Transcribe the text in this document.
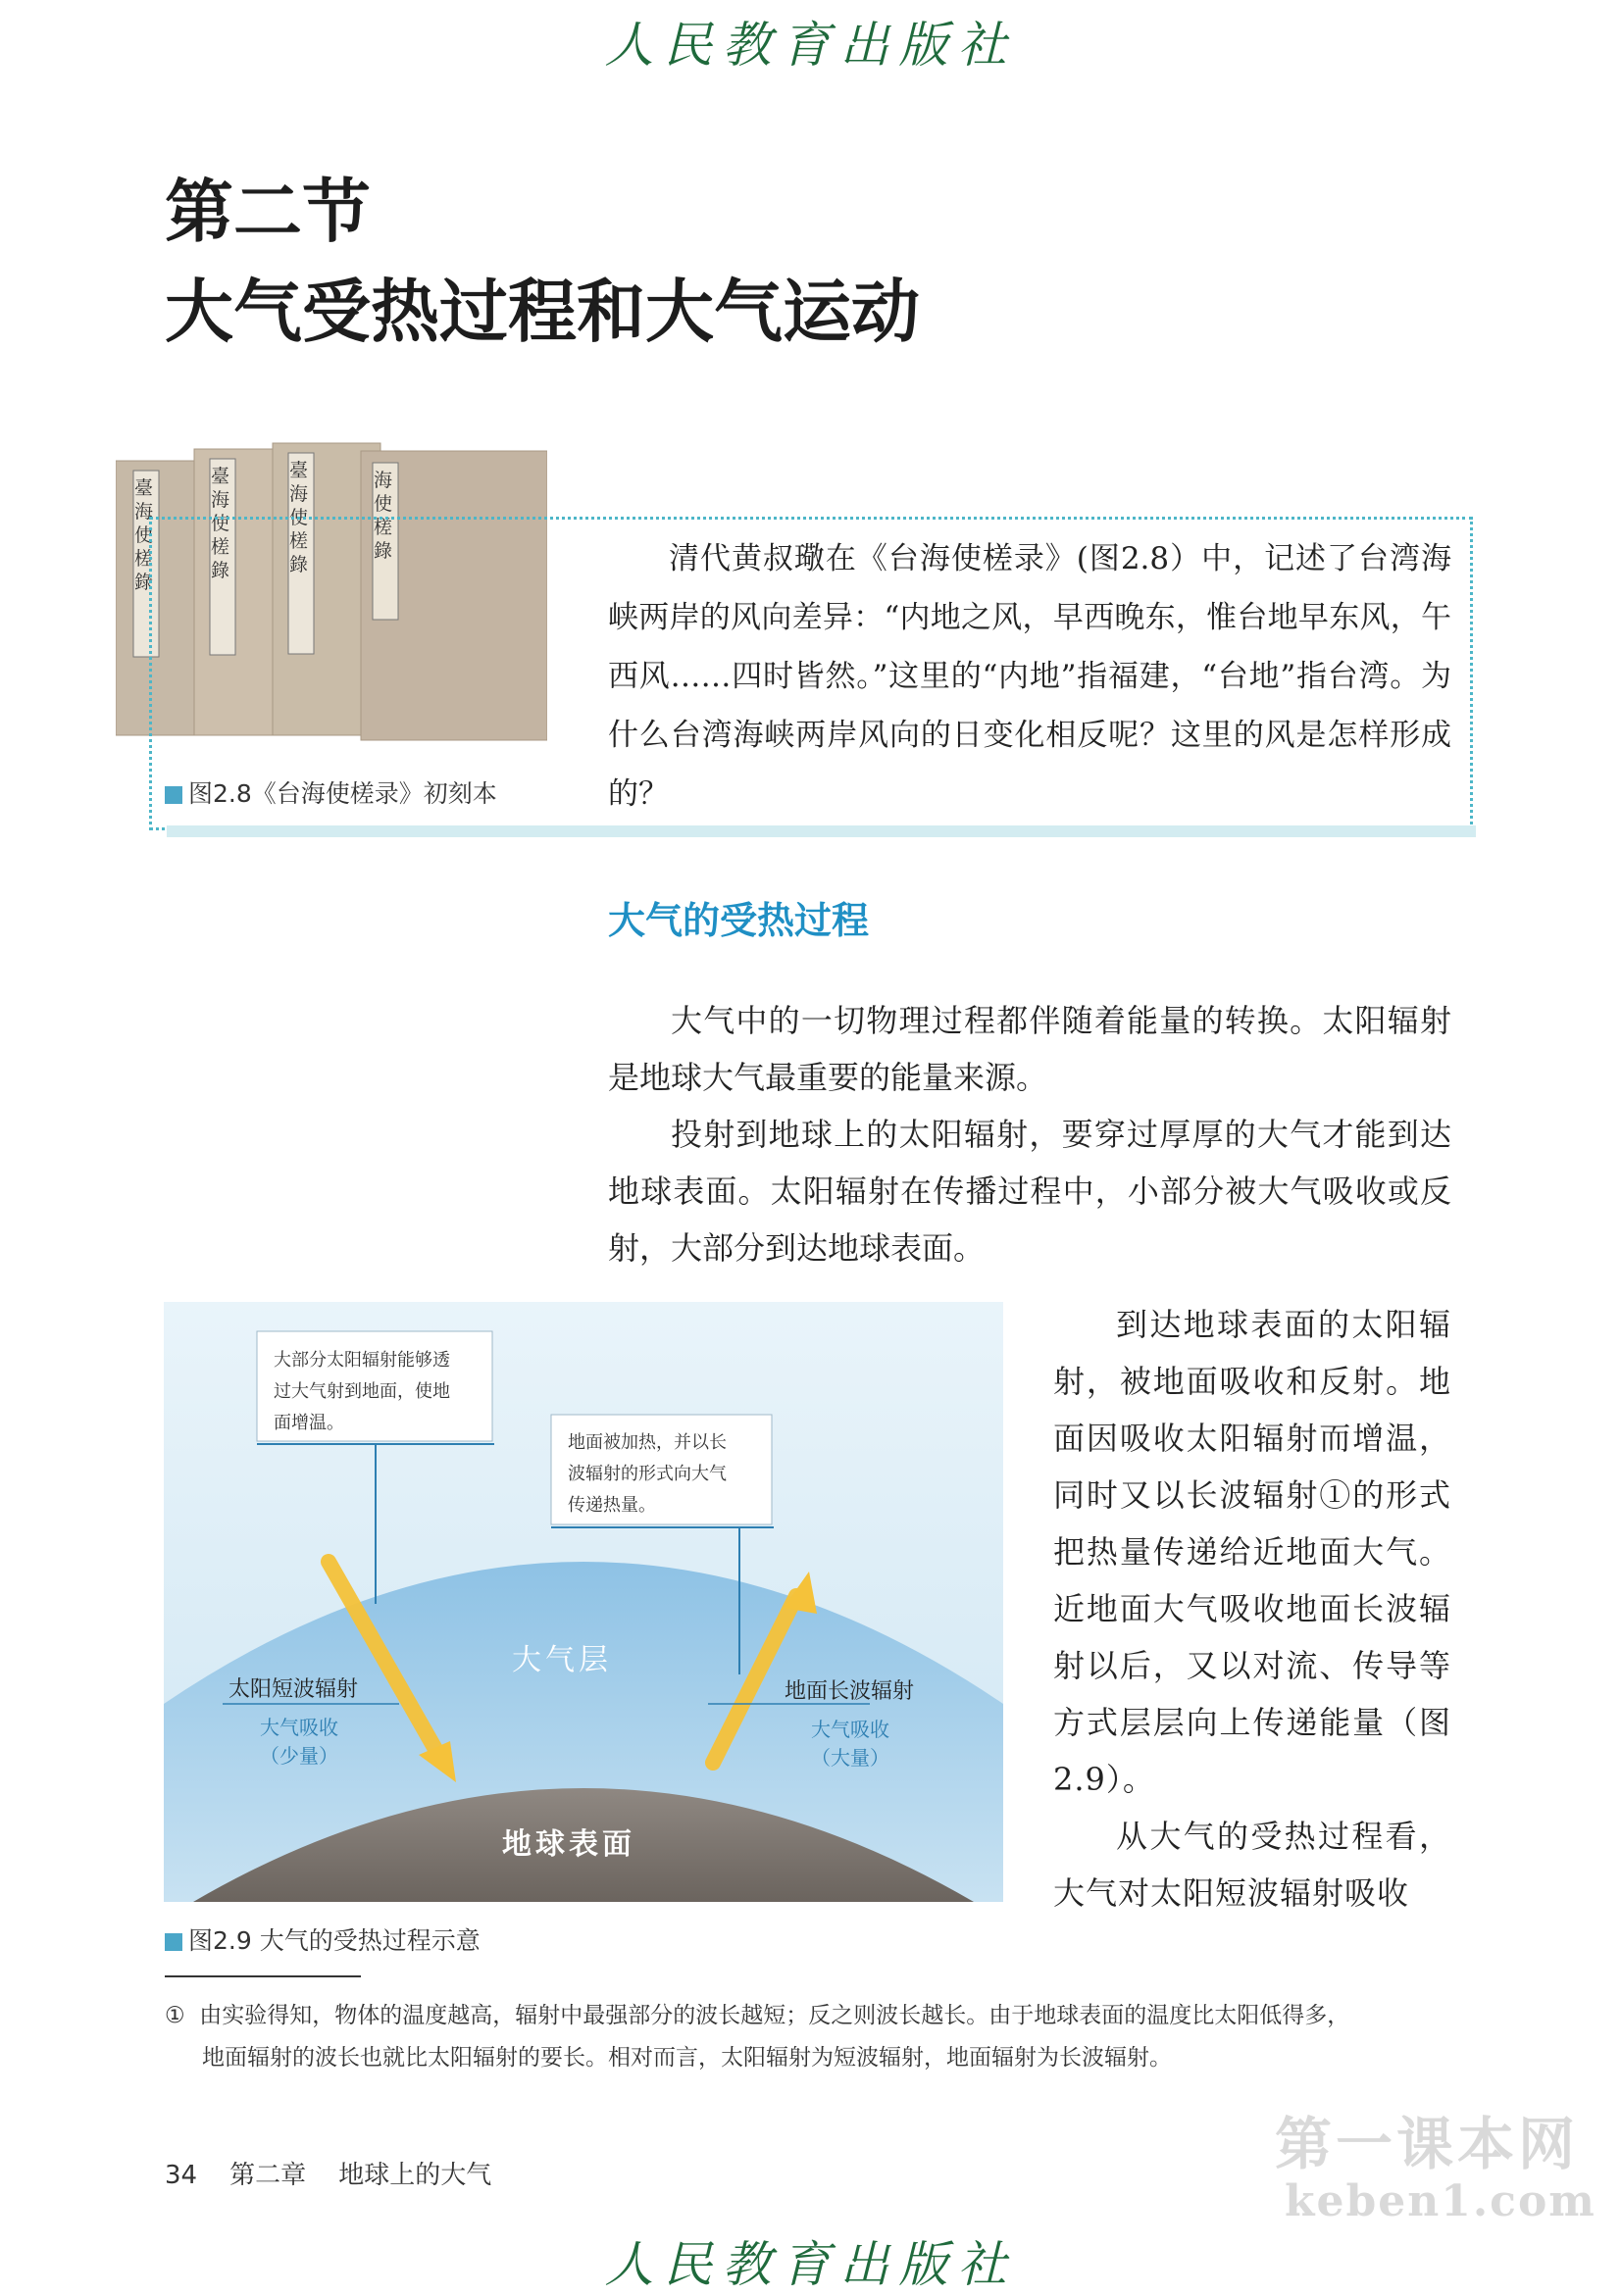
人民教育出版社
第二节
大气受热过程和大气运动
臺海使槎錄
臺海使槎錄
臺海使槎錄
海使槎錄
图2.8《台海使槎录》初刻本
清代黄叔璥在《台海使槎录》(图2.8）中，记述了台湾海峡两岸的风向差异：“内地之风，早西晚东，惟台地早东风，午西风……四时皆然。”这里的“内地”指福建，“台地”指台湾。为什么台湾海峡两岸风向的日变化相反呢？这里的风是怎样形成的？
大气的受热过程

大气中的一切物理过程都伴随着能量的转换。太阳辐射是地球大气最重要的能量来源。

投射到地球上的太阳辐射，要穿过厚厚的大气才能到达地球表面。太阳辐射在传播过程中，小部分被大气吸收或反射，大部分到达地球表面。

大部分太阳辐射能够透
过大气射到地面，使地
面增温。
地面被加热，并以长
波辐射的形式向大气
传递热量。
大气层
地球表面
太阳短波辐射
大气吸收
（少量）
地面长波辐射
大气吸收
（大量）
图2.9 大气的受热过程示意

到达地球表面的太阳辐射，被地面吸收和反射。地面因吸收太阳辐射而增温，同时又以长波辐射①的形式把热量传递给近地面大气。近地面大气吸收地面长波辐射以后，又以对流、传导等方式层层向上传递能量（图2.9）。

从大气的受热过程看，大气对太阳短波辐射吸收

① 由实验得知，物体的温度越高，辐射中最强部分的波长越短；反之则波长越长。由于地球表面的温度比太阳低得多，
地面辐射的波长也就比太阳辐射的要长。相对而言，太阳辐射为短波辐射，地面辐射为长波辐射。
34 第二章 地球上的大气	第一课本网
keben1.com
人民教育出版社
